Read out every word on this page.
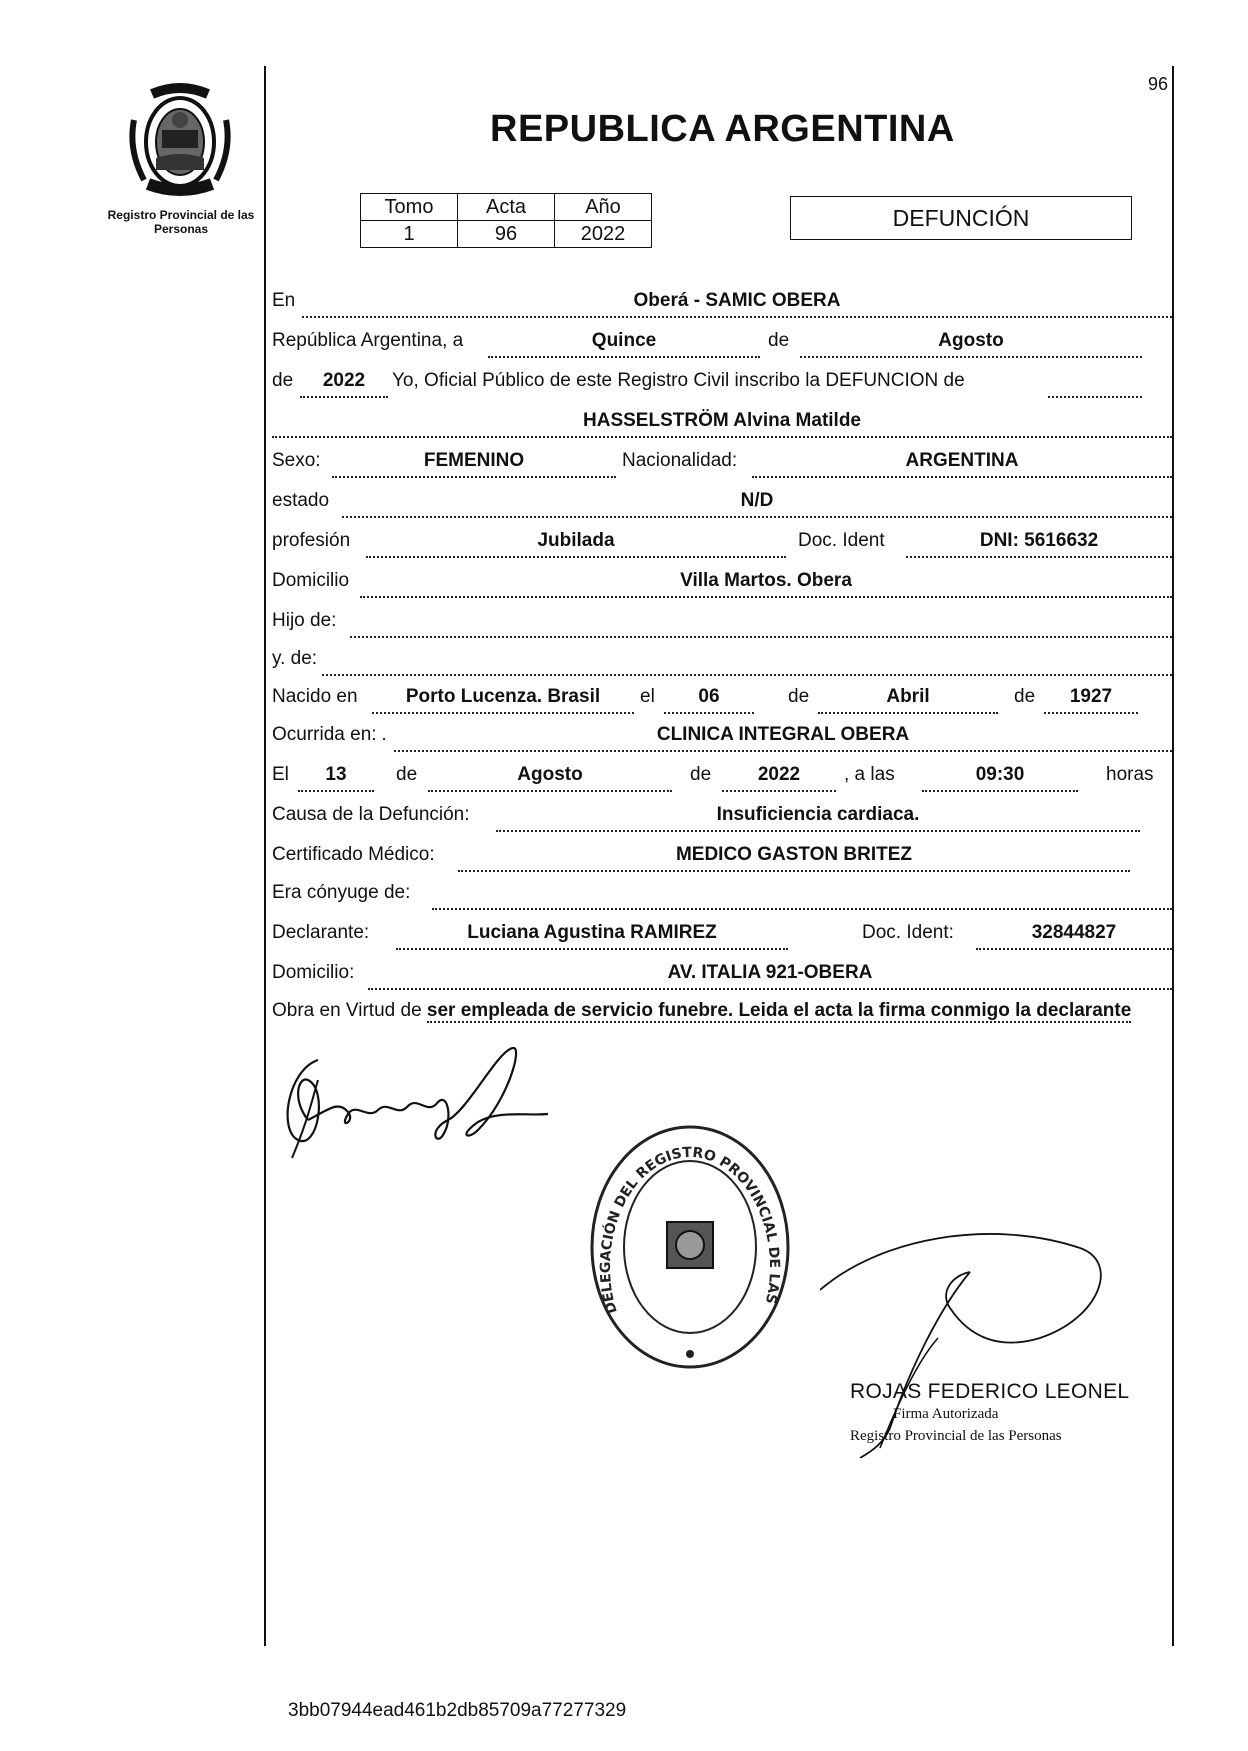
Registro Provincial de las Personas
96
REPUBLICA ARGENTINA
Tomo	Acta	Año
1	96	2022
DEFUNCIÓN
En	Oberá - SAMIC OBERA
República Argentina, a	Quince	de	Agosto
de	2022	Yo, Oficial Público de este Registro Civil inscribo la DEFUNCION de
HASSELSTRÖM Alvina Matilde
Sexo:	FEMENINO	Nacionalidad:	ARGENTINA
estado	N/D
profesión	Jubilada	Doc. Ident	DNI: 5616632
Domicilio	Villa Martos. Obera
Hijo de:
y. de:
Nacido en	Porto Lucenza. Brasil	el	06	de	Abril	de	1927
Ocurrida en: .	CLINICA INTEGRAL OBERA
El	13	de	Agosto	de	2022	, a las	09:30	horas
Causa de la Defunción:	Insuficiencia cardiaca.
Certificado Médico:	MEDICO GASTON BRITEZ
Era cónyuge de:
Declarante:	Luciana Agustina RAMIREZ	Doc. Ident:	32844827
Domicilio:	AV. ITALIA 921-OBERA
Obra en Virtud de ser empleada de servicio funebre. Leida el acta la firma conmigo la declarante
DELEGACIÓN DEL REGISTRO PROVINCIAL DE LAS
ROJAS FEDERICO LEONEL
Firma Autorizada
Registro Provincial de las Personas
3bb07944ead461b2db85709a77277329
